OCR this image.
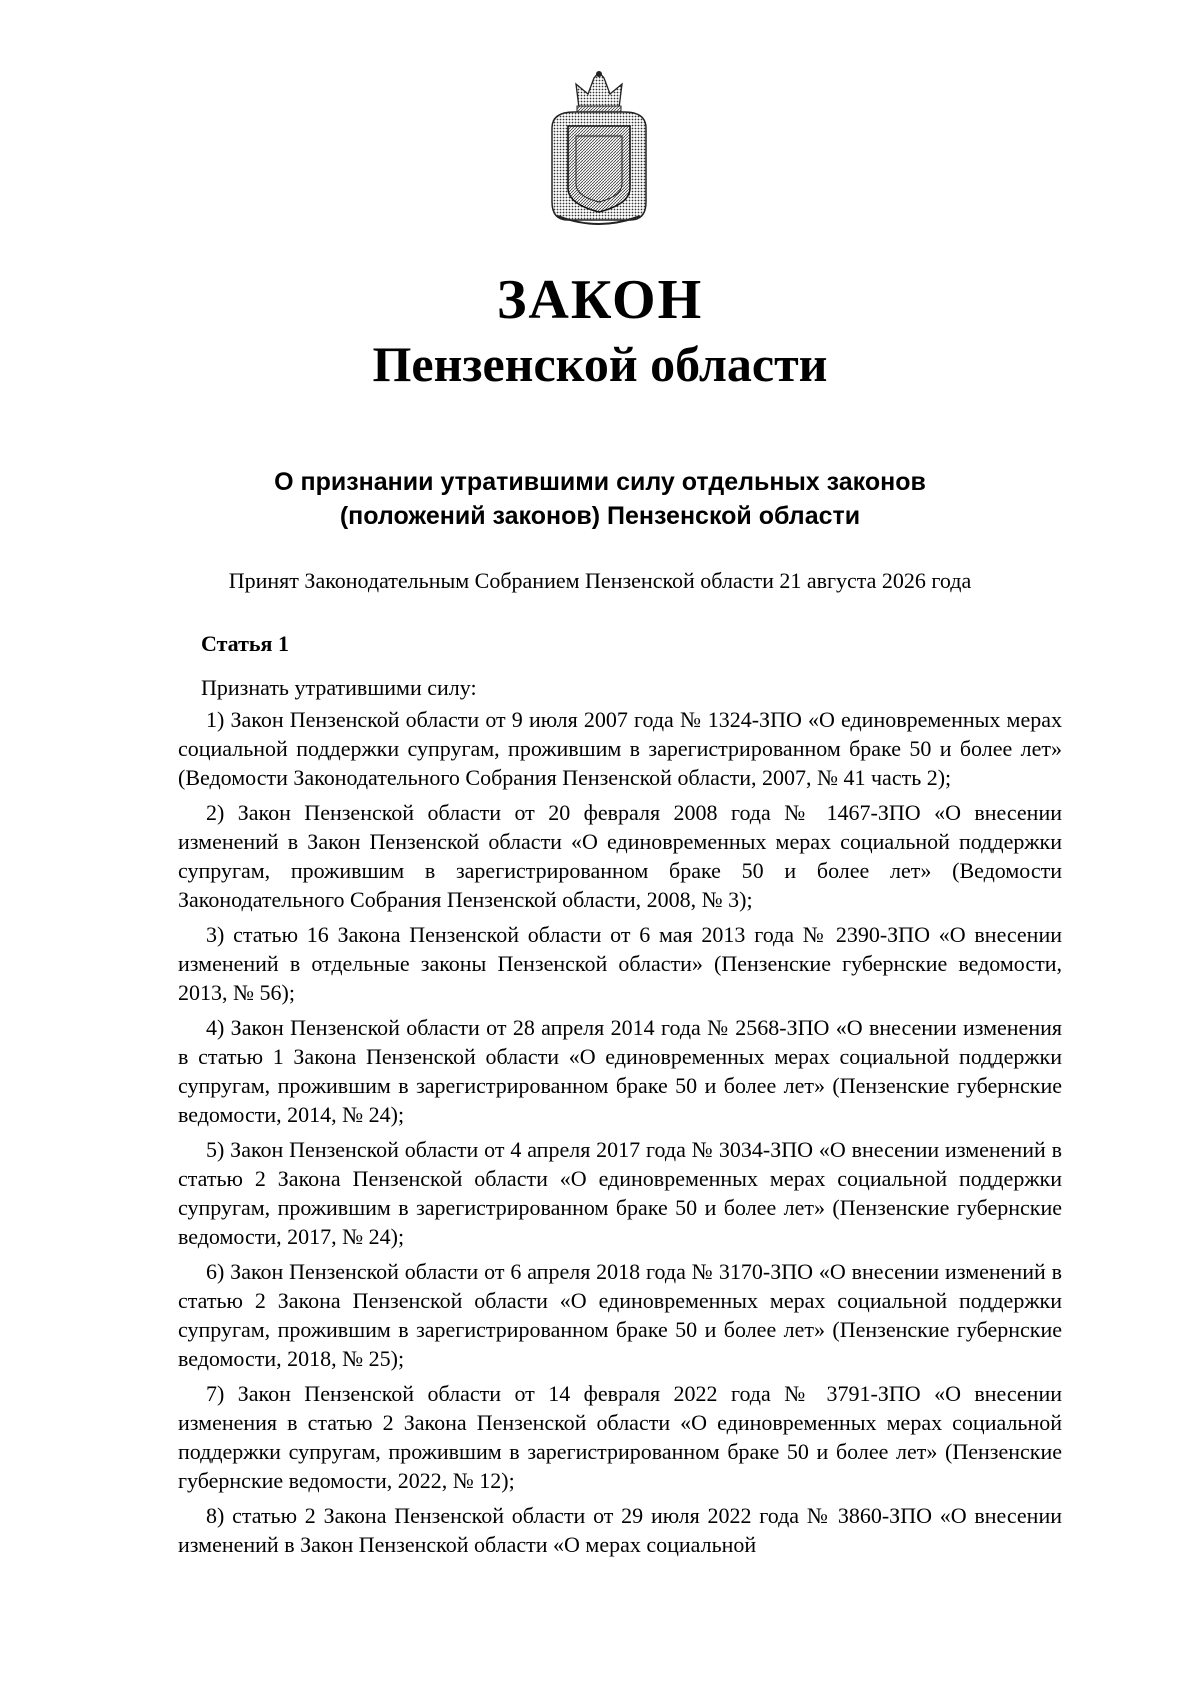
ЗАКОН
Пензенской области
О признании утратившими силу отдельных законов
(положений законов) Пензенской области
Принят Законодательным Собранием Пензенской области 21 августа 2026 года
Статья 1
Признать утратившими силу:

1) Закон Пензенской области от 9 июля 2007 года № 1324-ЗПО «О единовременных мерах социальной поддержки супругам, прожившим в зарегистрированном браке 50 и более лет» (Ведомости Законодательного Собрания Пензенской области, 2007, № 41 часть 2);

2) Закон Пензенской области от 20 февраля 2008 года № 1467-ЗПО «О внесении изменений в Закон Пензенской области «О единовременных мерах социальной поддержки супругам, прожившим в зарегистрированном браке 50 и более лет» (Ведомости Законодательного Собрания Пензенской области, 2008, № 3);

3) статью 16 Закона Пензенской области от 6 мая 2013 года № 2390-ЗПО «О внесении изменений в отдельные законы Пензенской области» (Пензенские губернские ведомости, 2013, № 56);

4) Закон Пензенской области от 28 апреля 2014 года № 2568-ЗПО «О внесении изменения в статью 1 Закона Пензенской области «О единовременных мерах социальной поддержки супругам, прожившим в зарегистрированном браке 50 и более лет» (Пензенские губернские ведомости, 2014, № 24);

5) Закон Пензенской области от 4 апреля 2017 года № 3034-ЗПО «О внесении изменений в статью 2 Закона Пензенской области «О единовременных мерах социальной поддержки супругам, прожившим в зарегистрированном браке 50 и более лет» (Пензенские губернские ведомости, 2017, № 24);

6) Закон Пензенской области от 6 апреля 2018 года № 3170-ЗПО «О внесении изменений в статью 2 Закона Пензенской области «О единовременных мерах социальной поддержки супругам, прожившим в зарегистрированном браке 50 и более лет» (Пензенские губернские ведомости, 2018, № 25);

7) Закон Пензенской области от 14 февраля 2022 года № 3791-ЗПО «О внесении изменения в статью 2 Закона Пензенской области «О единовременных мерах социальной поддержки супругам, прожившим в зарегистрированном браке 50 и более лет» (Пензенские губернские ведомости, 2022, № 12);

8) статью 2 Закона Пензенской области от 29 июля 2022 года № 3860-ЗПО «О внесении изменений в Закон Пензенской области «О мерах социальной
